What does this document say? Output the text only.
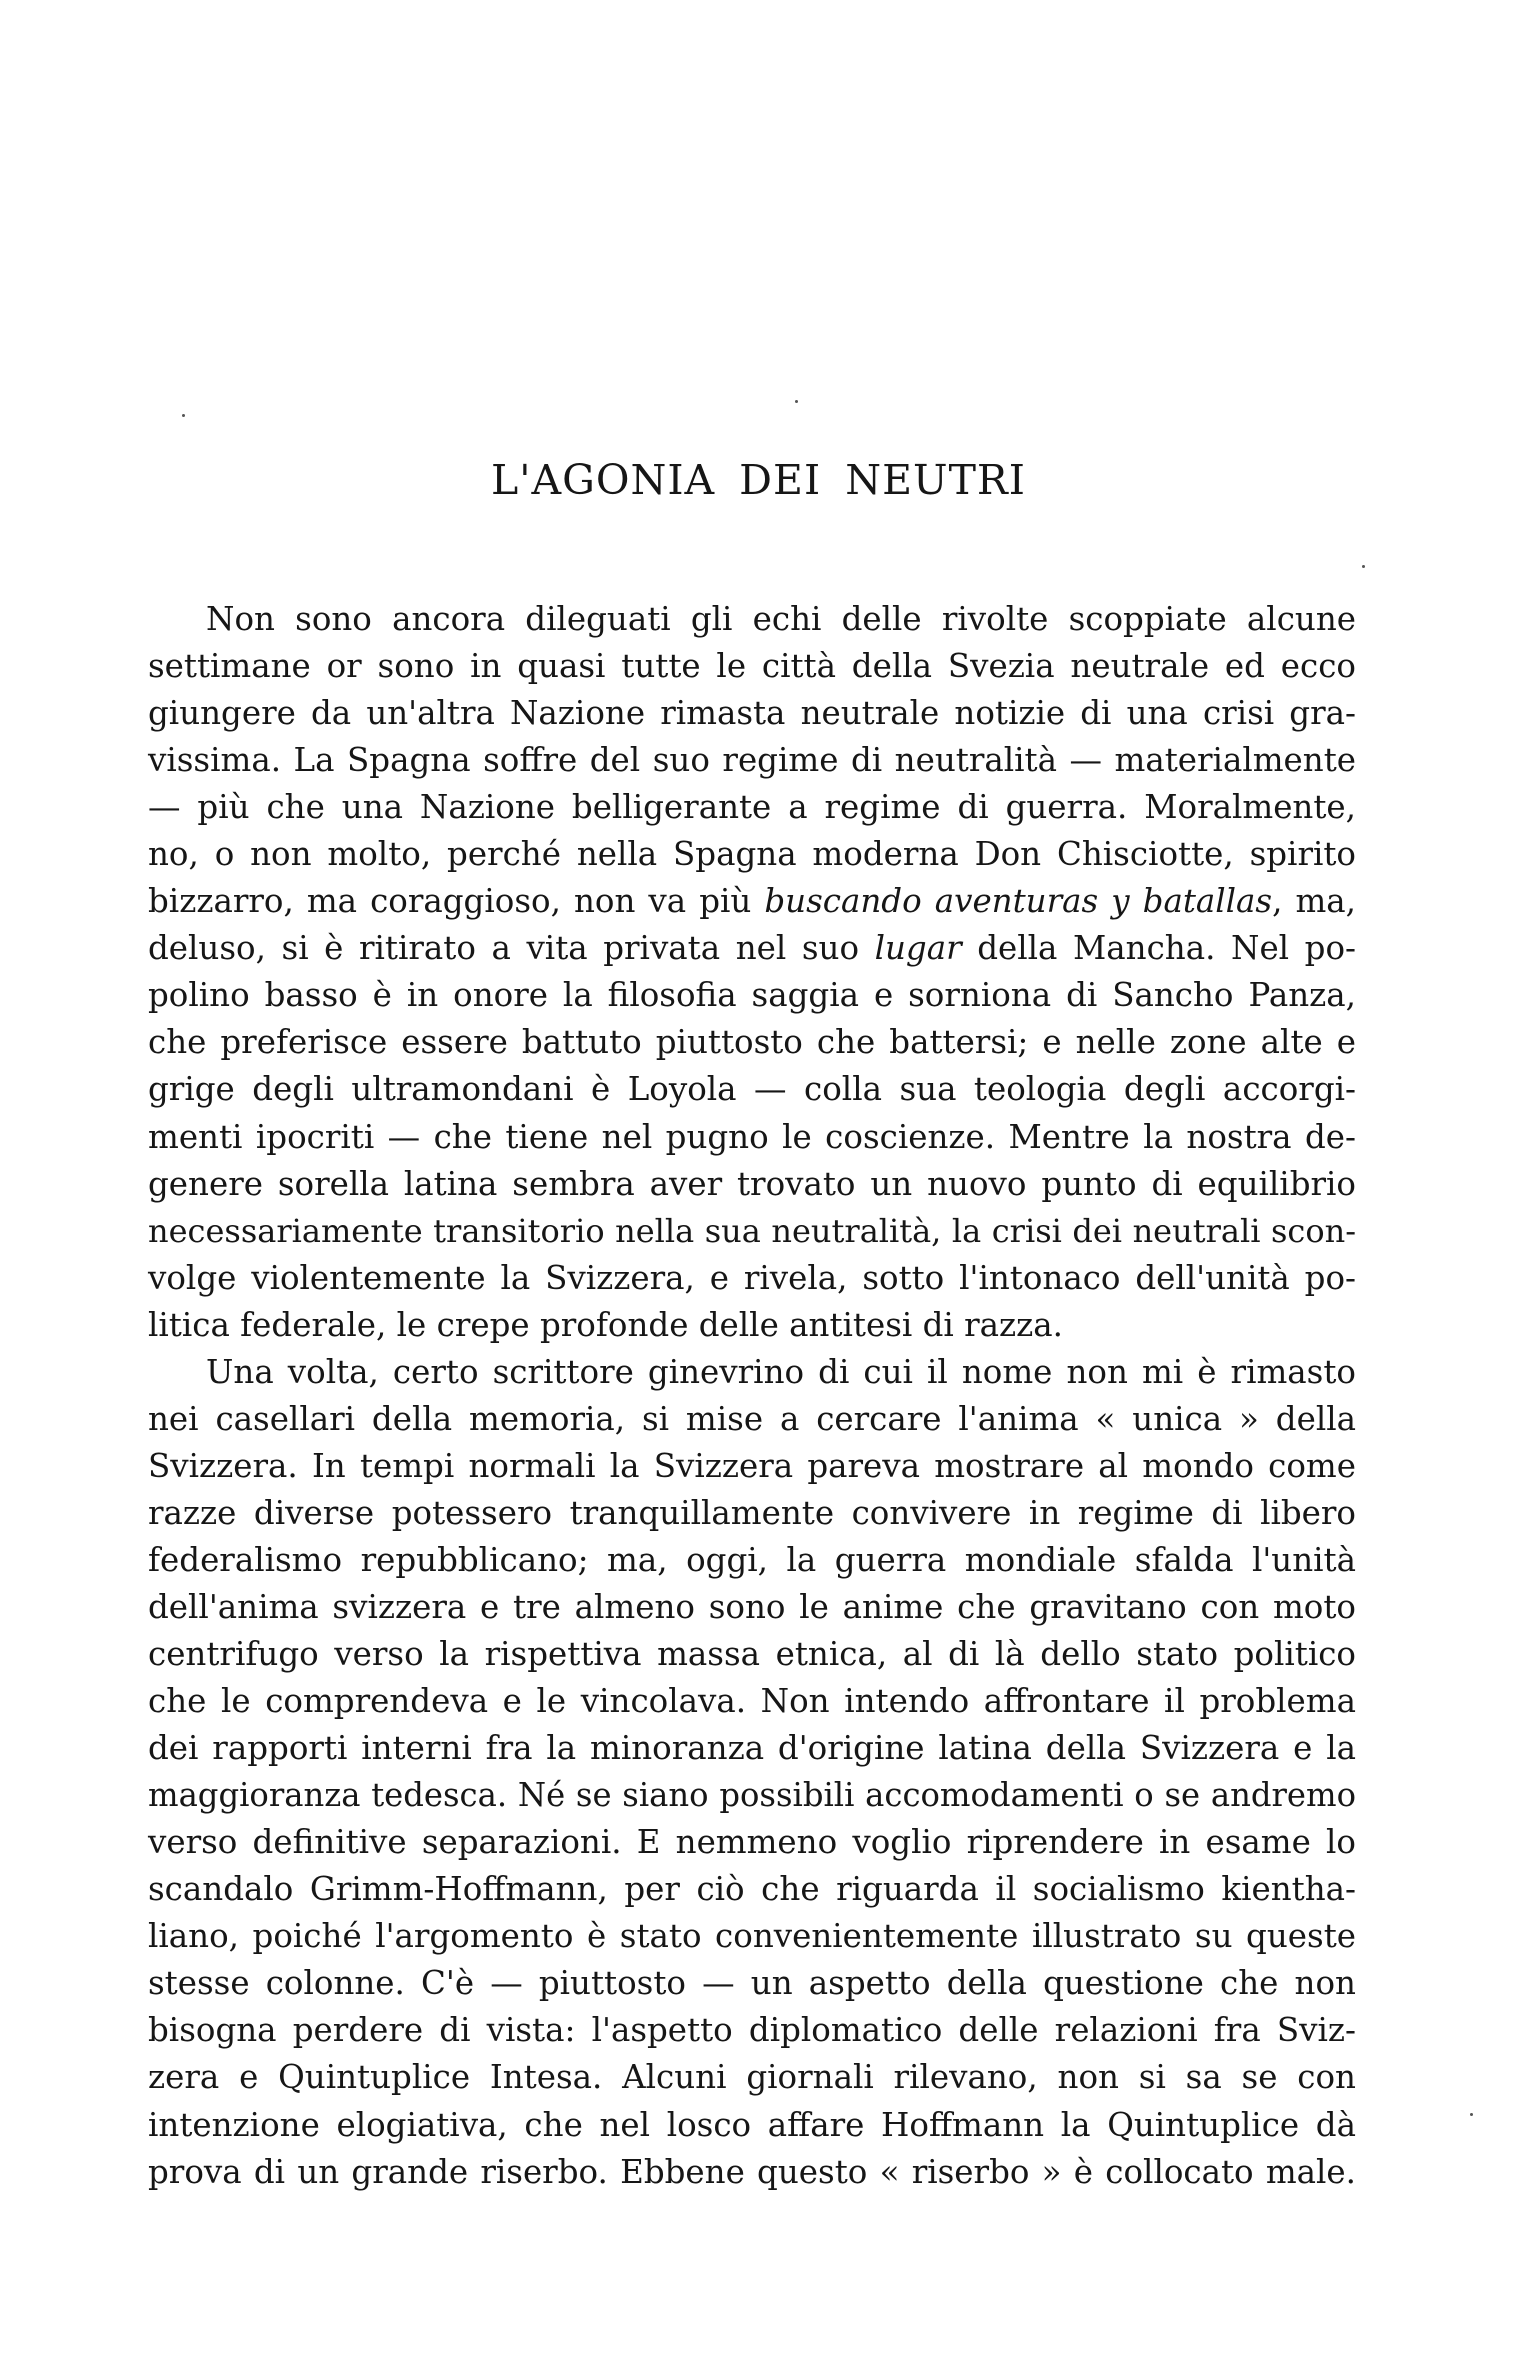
L'AGONIA DEI NEUTRI
Non sono ancora dileguati gli echi delle rivolte scoppiate alcune
settimane or sono in quasi tutte le città della Svezia neutrale ed ecco
giungere da un'altra Nazione rimasta neutrale notizie di una crisi gra-
vissima. La Spagna soffre del suo regime di neutralità — materialmente
— più che una Nazione belligerante a regime di guerra. Moralmente,
no, o non molto, perché nella Spagna moderna Don Chisciotte, spirito
bizzarro, ma coraggioso, non va più buscando aventuras y batallas, ma,
deluso, si è ritirato a vita privata nel suo lugar della Mancha. Nel po-
polino basso è in onore la filosofia saggia e sorniona di Sancho Panza,
che preferisce essere battuto piuttosto che battersi; e nelle zone alte e
grige degli ultramondani è Loyola — colla sua teologia degli accorgi-
menti ipocriti — che tiene nel pugno le coscienze. Mentre la nostra de-
genere sorella latina sembra aver trovato un nuovo punto di equilibrio
necessariamente transitorio nella sua neutralità, la crisi dei neutrali scon-
volge violentemente la Svizzera, e rivela, sotto l'intonaco dell'unità po-
litica federale, le crepe profonde delle antitesi di razza.
Una volta, certo scrittore ginevrino di cui il nome non mi è rimasto
nei casellari della memoria, si mise a cercare l'anima « unica » della
Svizzera. In tempi normali la Svizzera pareva mostrare al mondo come
razze diverse potessero tranquillamente convivere in regime di libero
federalismo repubblicano; ma, oggi, la guerra mondiale sfalda l'unità
dell'anima svizzera e tre almeno sono le anime che gravitano con moto
centrifugo verso la rispettiva massa etnica, al di là dello stato politico
che le comprendeva e le vincolava. Non intendo affrontare il problema
dei rapporti interni fra la minoranza d'origine latina della Svizzera e la
maggioranza tedesca. Né se siano possibili accomodamenti o se andremo
verso definitive separazioni. E nemmeno voglio riprendere in esame lo
scandalo Grimm-Hoffmann, per ciò che riguarda il socialismo kientha-
liano, poiché l'argomento è stato convenientemente illustrato su queste
stesse colonne. C'è — piuttosto — un aspetto della questione che non
bisogna perdere di vista: l'aspetto diplomatico delle relazioni fra Sviz-
zera e Quintuplice Intesa. Alcuni giornali rilevano, non si sa se con
intenzione elogiativa, che nel losco affare Hoffmann la Quintuplice dà
prova di un grande riserbo. Ebbene questo « riserbo » è collocato male.
